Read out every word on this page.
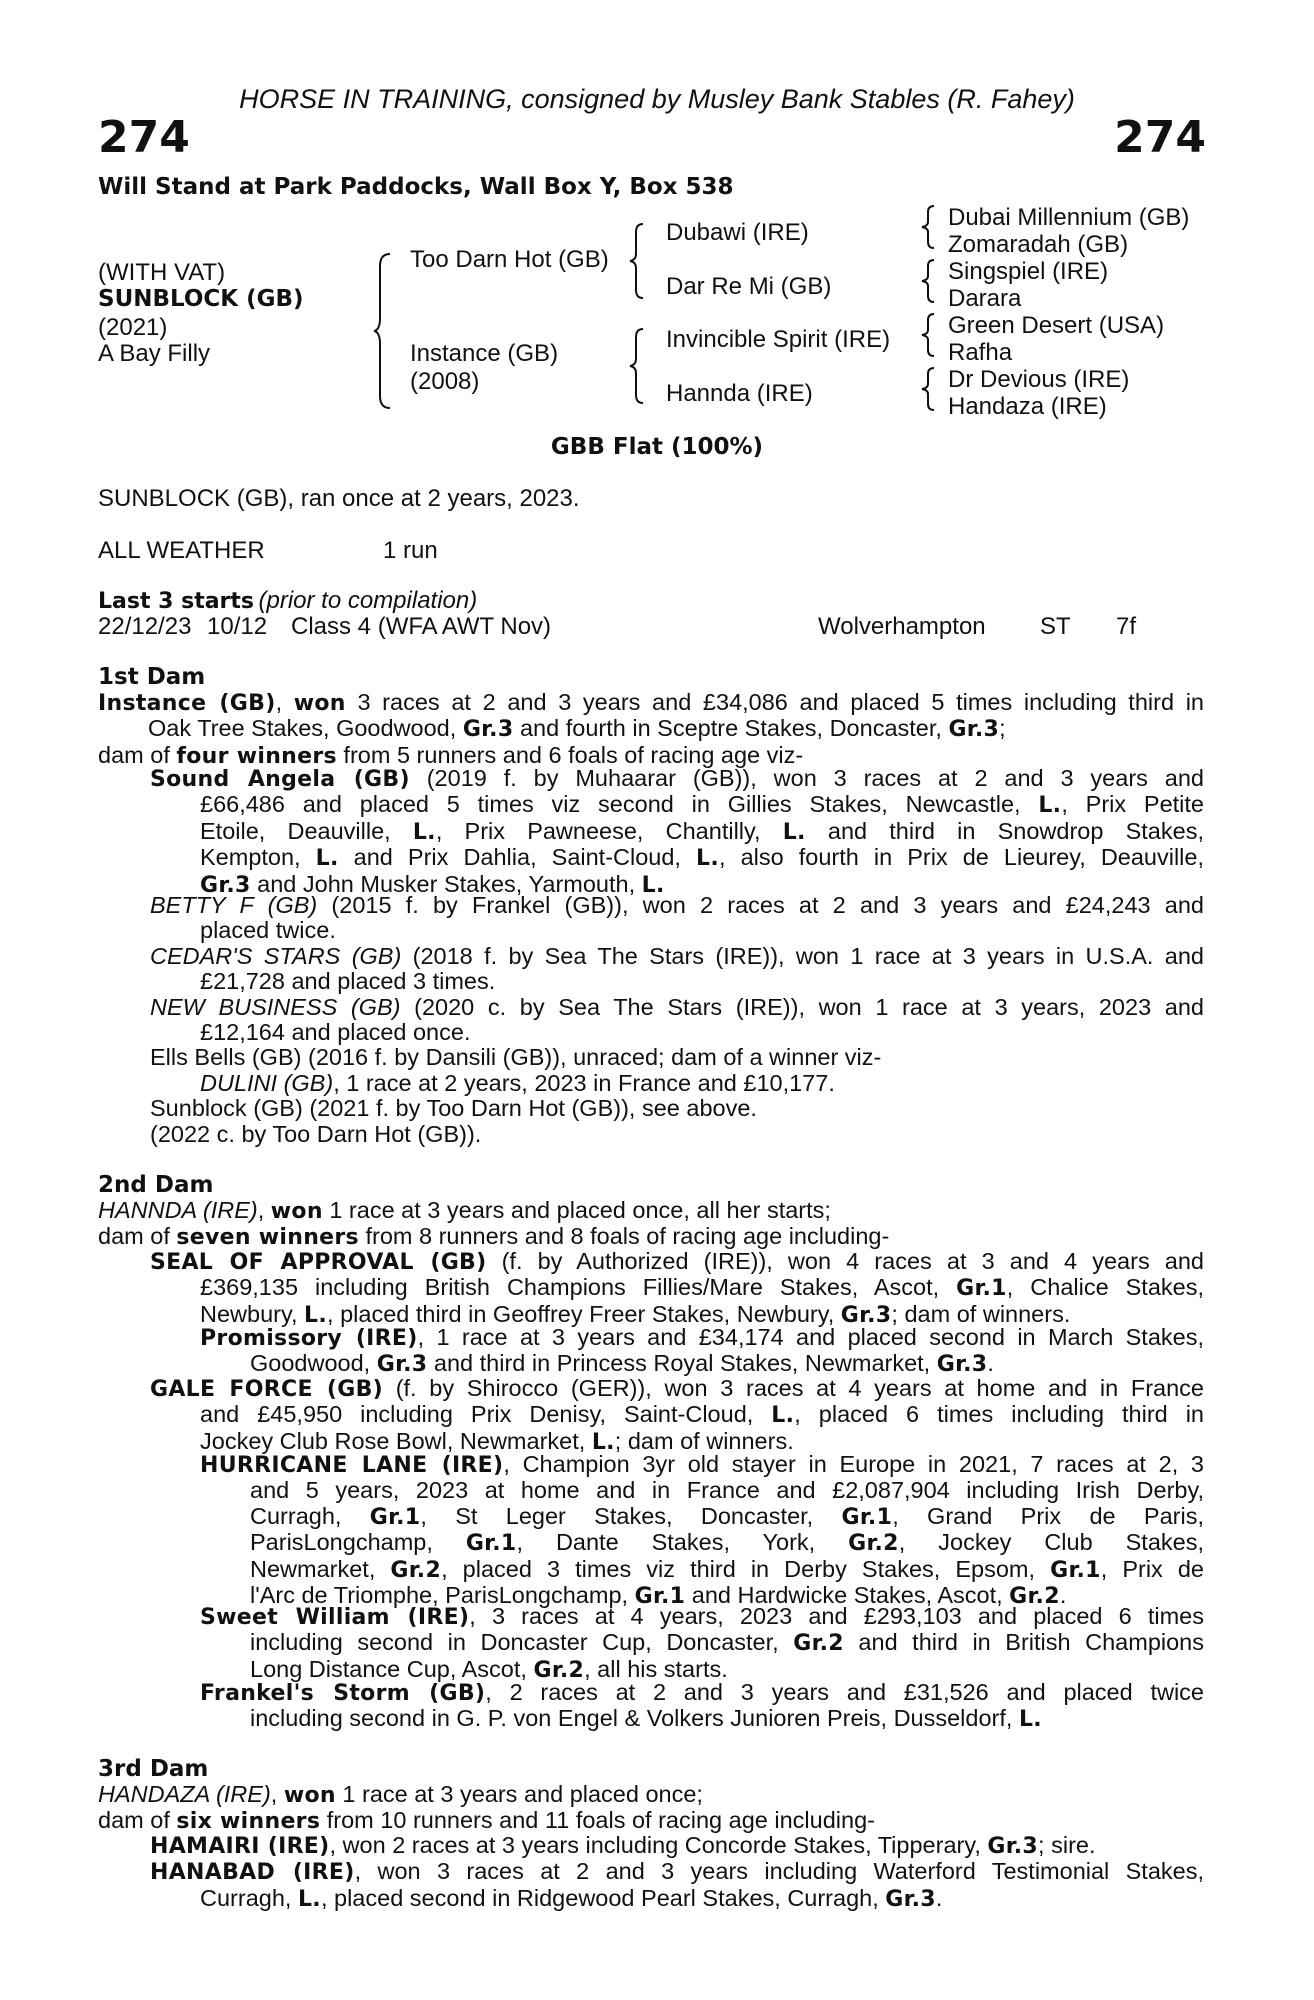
HORSE IN TRAINING, consigned by Musley Bank Stables (R. Fahey)
274	274
Will Stand at Park Paddocks, Wall Box Y, Box 538
(WITH VAT)
SUNBLOCK (GB)
(2021)
A Bay Filly
Too Darn Hot (GB)
Instance (GB)
(2008)
Dubawi (IRE)
Dar Re Mi (GB)
Invincible Spirit (IRE)
Hannda (IRE)
Dubai Millennium (GB)
Zomaradah (GB)
Singspiel (IRE)
Darara
Green Desert (USA)
Rafha
Dr Devious (IRE)
Handaza (IRE)
GBB Flat (100%)
SUNBLOCK (GB), ran once at 2 years, 2023.
ALL WEATHER	1 run
Last 3 starts (prior to compilation)
22/12/23 10/12 Class 4 (WFA AWT Nov)	Wolverhampton ST 7f
1st Dam
Instance (GB), won 3 races at 2 and 3 years and £34,086 and placed 5 times including third in
Oak Tree Stakes, Goodwood, Gr.3 and fourth in Sceptre Stakes, Doncaster, Gr.3;
dam of four winners from 5 runners and 6 foals of racing age viz-
Sound Angela (GB) (2019 f. by Muhaarar (GB)), won 3 races at 2 and 3 years and
£66,486 and placed 5 times viz second in Gillies Stakes, Newcastle, L., Prix Petite
Etoile, Deauville, L., Prix Pawneese, Chantilly, L. and third in Snowdrop Stakes,
Kempton, L. and Prix Dahlia, Saint-Cloud, L., also fourth in Prix de Lieurey, Deauville,
Gr.3 and John Musker Stakes, Yarmouth, L.
BETTY F (GB) (2015 f. by Frankel (GB)), won 2 races at 2 and 3 years and £24,243 and
placed twice.
CEDAR'S STARS (GB) (2018 f. by Sea The Stars (IRE)), won 1 race at 3 years in U.S.A. and
£21,728 and placed 3 times.
NEW BUSINESS (GB) (2020 c. by Sea The Stars (IRE)), won 1 race at 3 years, 2023 and
£12,164 and placed once.
Ells Bells (GB) (2016 f. by Dansili (GB)), unraced; dam of a winner viz-
DULINI (GB), 1 race at 2 years, 2023 in France and £10,177.
Sunblock (GB) (2021 f. by Too Darn Hot (GB)), see above.
(2022 c. by Too Darn Hot (GB)).
2nd Dam
HANNDA (IRE), won 1 race at 3 years and placed once, all her starts;
dam of seven winners from 8 runners and 8 foals of racing age including-
SEAL OF APPROVAL (GB) (f. by Authorized (IRE)), won 4 races at 3 and 4 years and
£369,135 including British Champions Fillies/Mare Stakes, Ascot, Gr.1, Chalice Stakes,
Newbury, L., placed third in Geoffrey Freer Stakes, Newbury, Gr.3; dam of winners.
Promissory (IRE), 1 race at 3 years and £34,174 and placed second in March Stakes,
Goodwood, Gr.3 and third in Princess Royal Stakes, Newmarket, Gr.3.
GALE FORCE (GB) (f. by Shirocco (GER)), won 3 races at 4 years at home and in France
and £45,950 including Prix Denisy, Saint-Cloud, L., placed 6 times including third in
Jockey Club Rose Bowl, Newmarket, L.; dam of winners.
HURRICANE LANE (IRE), Champion 3yr old stayer in Europe in 2021, 7 races at 2, 3
and 5 years, 2023 at home and in France and £2,087,904 including Irish Derby,
Curragh, Gr.1, St Leger Stakes, Doncaster, Gr.1, Grand Prix de Paris,
ParisLongchamp, Gr.1, Dante Stakes, York, Gr.2, Jockey Club Stakes,
Newmarket, Gr.2, placed 3 times viz third in Derby Stakes, Epsom, Gr.1, Prix de
l'Arc de Triomphe, ParisLongchamp, Gr.1 and Hardwicke Stakes, Ascot, Gr.2.
Sweet William (IRE), 3 races at 4 years, 2023 and £293,103 and placed 6 times
including second in Doncaster Cup, Doncaster, Gr.2 and third in British Champions
Long Distance Cup, Ascot, Gr.2, all his starts.
Frankel's Storm (GB), 2 races at 2 and 3 years and £31,526 and placed twice
including second in G. P. von Engel & Volkers Junioren Preis, Dusseldorf, L.
3rd Dam
HANDAZA (IRE), won 1 race at 3 years and placed once;
dam of six winners from 10 runners and 11 foals of racing age including-
HAMAIRI (IRE), won 2 races at 3 years including Concorde Stakes, Tipperary, Gr.3; sire.
HANABAD (IRE), won 3 races at 2 and 3 years including Waterford Testimonial Stakes,
Curragh, L., placed second in Ridgewood Pearl Stakes, Curragh, Gr.3.
